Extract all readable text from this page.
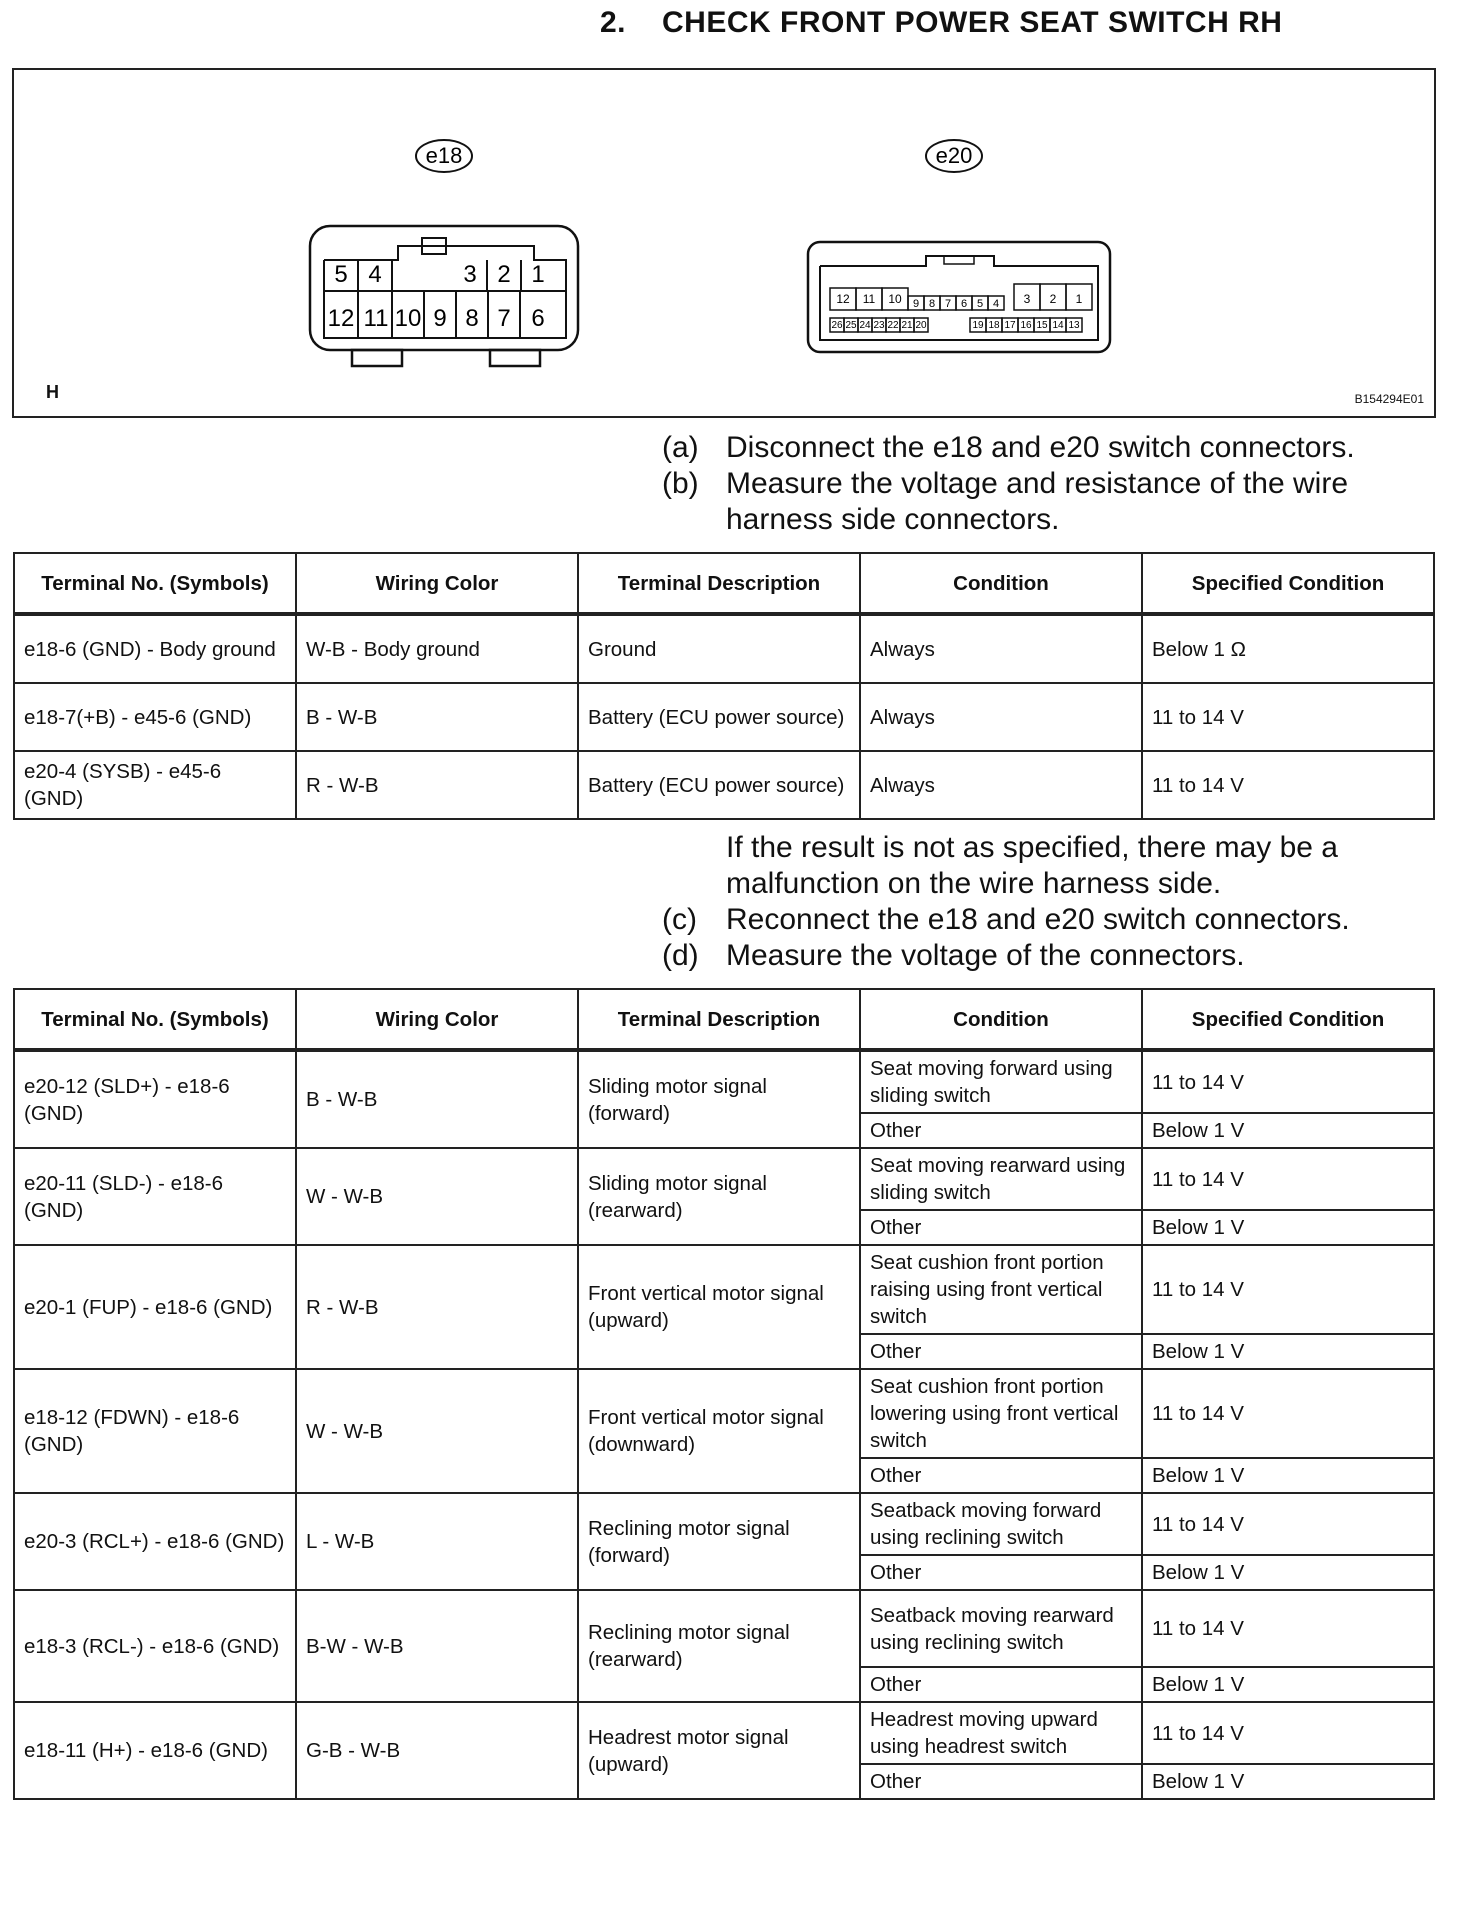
2. CHECK FRONT POWER SEAT SWITCH RH
e18
5 4	3 2 1
12 11 10 9 8 7 6
e20
12 11 10 9 8 7 6 5 4 3 2 1
26 25 24 23 22 21 20	19 18 17 16 15 14 13
H	B154294E01
(a) Disconnect the e18 and e20 switch connectors.
(b) Measure the voltage and resistance of the wire harness side connectors.
Terminal No. (Symbols)	Wiring Color	Terminal Description	Condition	Specified Condition
e18-6 (GND) - Body ground	W-B - Body ground	Ground	Always	Below 1 Ω
e18-7(+B) - e45-6 (GND)	B - W-B	Battery (ECU power source)	Always	11 to 14 V
e20-4 (SYSB) - e45-6 (GND)	R - W-B	Battery (ECU power source)	Always	11 to 14 V
If the result is not as specified, there may be a malfunction on the wire harness side.
(c) Reconnect the e18 and e20 switch connectors.
(d) Measure the voltage of the connectors.
Terminal No. (Symbols)	Wiring Color	Terminal Description	Condition	Specified Condition
e20-12 (SLD+) - e18-6 (GND)	B - W-B	Sliding motor signal (forward)	Seat moving forward using sliding switch	11 to 14 V
			Other	Below 1 V
e20-11 (SLD-) - e18-6 (GND)	W - W-B	Sliding motor signal (rearward)	Seat moving rearward using sliding switch	11 to 14 V
			Other	Below 1 V
e20-1 (FUP) - e18-6 (GND)	R - W-B	Front vertical motor signal (upward)	Seat cushion front portion raising using front vertical switch	11 to 14 V
			Other	Below 1 V
e18-12 (FDWN) - e18-6 (GND)	W - W-B	Front vertical motor signal (downward)	Seat cushion front portion lowering using front vertical switch	11 to 14 V
			Other	Below 1 V
e20-3 (RCL+) - e18-6 (GND)	L - W-B	Reclining motor signal (forward)	Seatback moving forward using reclining switch	11 to 14 V
			Other	Below 1 V
e18-3 (RCL-) - e18-6 (GND)	B-W - W-B	Reclining motor signal (rearward)	Seatback moving rearward using reclining switch	11 to 14 V
			Other	Below 1 V
e18-11 (H+) - e18-6 (GND)	G-B - W-B	Headrest motor signal (upward)	Headrest moving upward using headrest switch	11 to 14 V
			Other	Below 1 V
